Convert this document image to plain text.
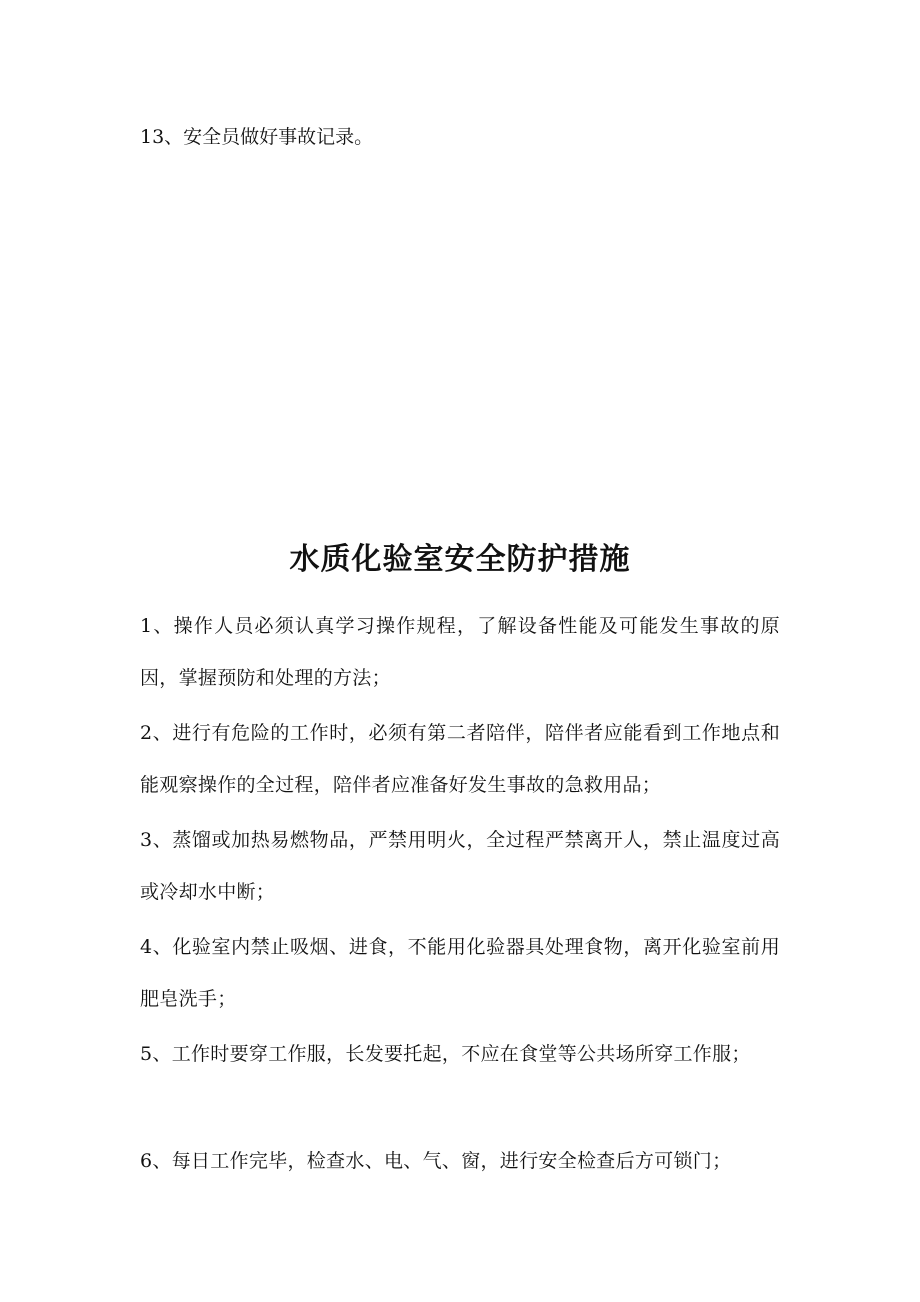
13、安全员做好事故记录。

水质化验室安全防护措施
1、操作人员必须认真学习操作规程，了解设备性能及可能发生事故的原因，掌握预防和处理的方法；
2、进行有危险的工作时，必须有第二者陪伴，陪伴者应能看到工作地点和能观察操作的全过程，陪伴者应准备好发生事故的急救用品；
3、蒸馏或加热易燃物品，严禁用明火，全过程严禁离开人，禁止温度过高或冷却水中断；
4、化验室内禁止吸烟、进食，不能用化验器具处理食物，离开化验室前用肥皂洗手；
5、工作时要穿工作服，长发要托起，不应在食堂等公共场所穿工作服；
6、每日工作完毕，检查水、电、气、窗，进行安全检查后方可锁门；
